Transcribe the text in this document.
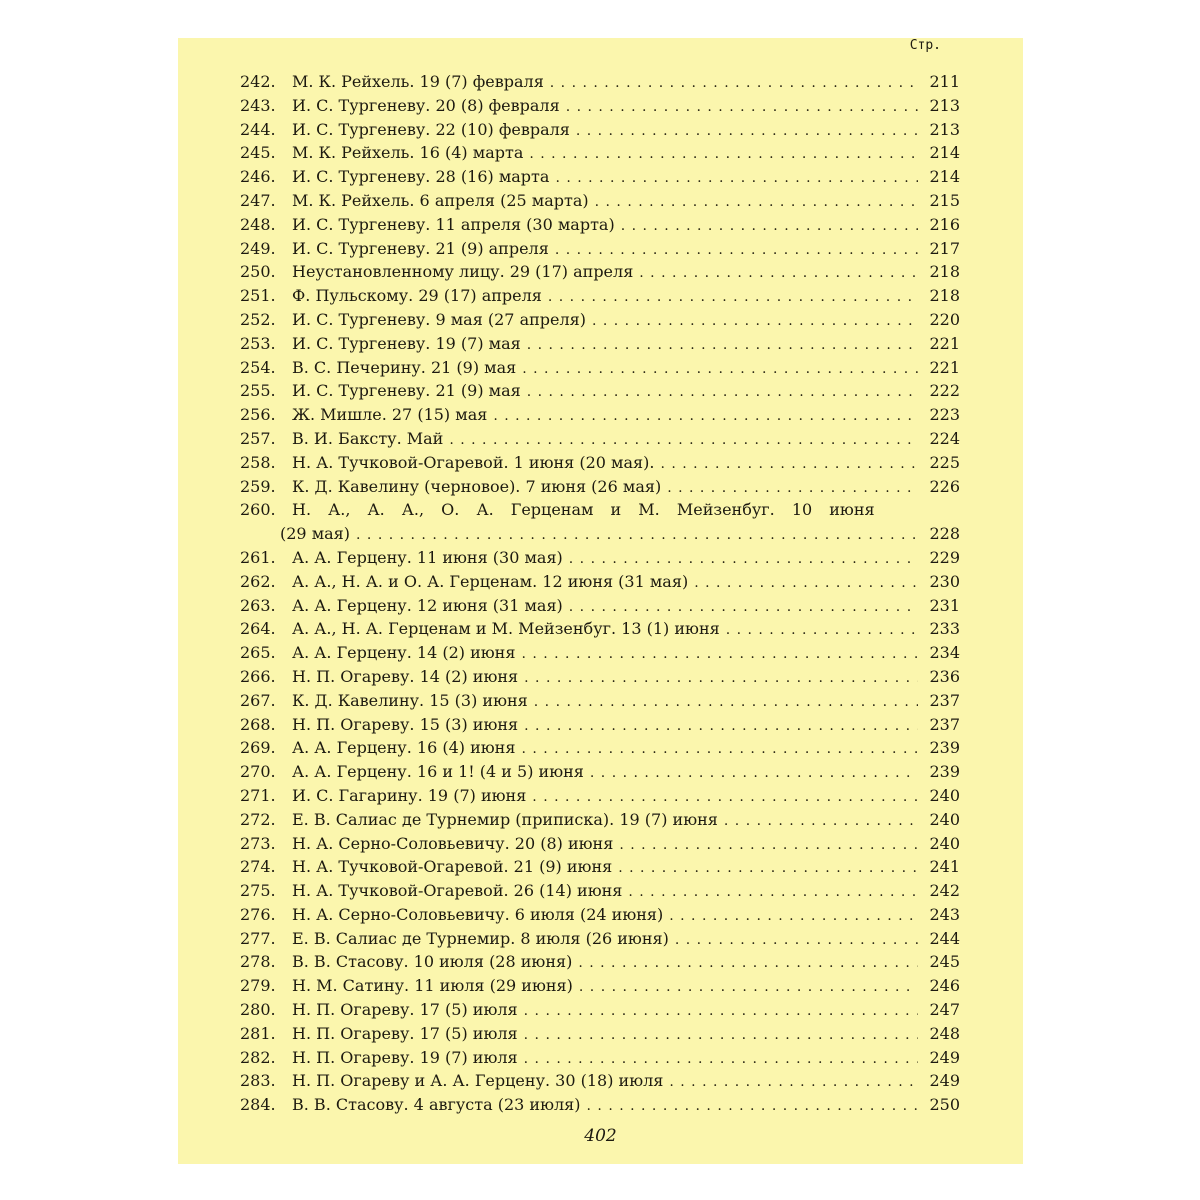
Стр.
242.	М. К. Рейхель. 19 (7) февраля . . .	211
243.	И. С. Тургеневу. 20 (8) февраля . . .	213
244.	И. С. Тургеневу. 22 (10) февраля . . .	213
245.	М. К. Рейхель. 16 (4) марта . . .	214
246.	И. С. Тургеневу. 28 (16) марта . . .	214
247.	М. К. Рейхель. 6 апреля (25 марта) . . .	215
248.	И. С. Тургеневу. 11 апреля (30 марта) . . .	216
249.	И. С. Тургеневу. 21 (9) апреля . . .	217
250.	Неустановленному лицу. 29 (17) апреля . . .	218
251.	Ф. Пульскому. 29 (17) апреля . . .	218
252.	И. С. Тургеневу. 9 мая (27 апреля) . . .	220
253.	И. С. Тургеневу. 19 (7) мая . . .	221
254.	В. С. Печерину. 21 (9) мая . . .	221
255.	И. С. Тургеневу. 21 (9) мая . . .	222
256.	Ж. Мишле. 27 (15) мая . . .	223
257.	В. И. Баксту. Май . . .	224
258.	Н. А. Тучковой-Огаревой. 1 июня (20 мая). . . .	225
259.	К. Д. Кавелину (черновое). 7 июня (26 мая) . . .	226
260.	Н. А., А. А., О. А. Герценам и М. Мейзенбуг. 10 июня
(29 мая) . . .	228
261.	А. А. Герцену. 11 июня (30 мая) . . .	229
262.	А. А., Н. А. и О. А. Герценам. 12 июня (31 мая) . . .	230
263.	А. А. Герцену. 12 июня (31 мая) . . .	231
264.	А. А., Н. А. Герценам и М. Мейзенбуг. 13 (1) июня . . .	233
265.	А. А. Герцену. 14 (2) июня . . .	234
266.	Н. П. Огареву. 14 (2) июня . . .	236
267.	К. Д. Кавелину. 15 (3) июня . . .	237
268.	Н. П. Огареву. 15 (3) июня . . .	237
269.	А. А. Герцену. 16 (4) июня . . .	239
270.	А. А. Герцену. 16 и 1! (4 и 5) июня . . .	239
271.	И. С. Гагарину. 19 (7) июня . . .	240
272.	Е. В. Салиас де Турнемир (приписка). 19 (7) июня . . .	240
273.	Н. А. Серно-Соловьевичу. 20 (8) июня . . .	240
274.	Н. А. Тучковой-Огаревой. 21 (9) июня . . .	241
275.	Н. А. Тучковой-Огаревой. 26 (14) июня . . .	242
276.	Н. А. Серно-Соловьевичу. 6 июля (24 июня) . . .	243
277.	Е. В. Салиас де Турнемир. 8 июля (26 июня) . . .	244
278.	В. В. Стасову. 10 июля (28 июня) . . .	245
279.	Н. М. Сатину. 11 июля (29 июня) . . .	246
280.	Н. П. Огареву. 17 (5) июля . . .	247
281.	Н. П. Огареву. 17 (5) июля . . .	248
282.	Н. П. Огареву. 19 (7) июля . . .	249
283.	Н. П. Огареву и А. А. Герцену. 30 (18) июля . . .	249
284.	В. В. Стасову. 4 августа (23 июля) . . .	250
402
